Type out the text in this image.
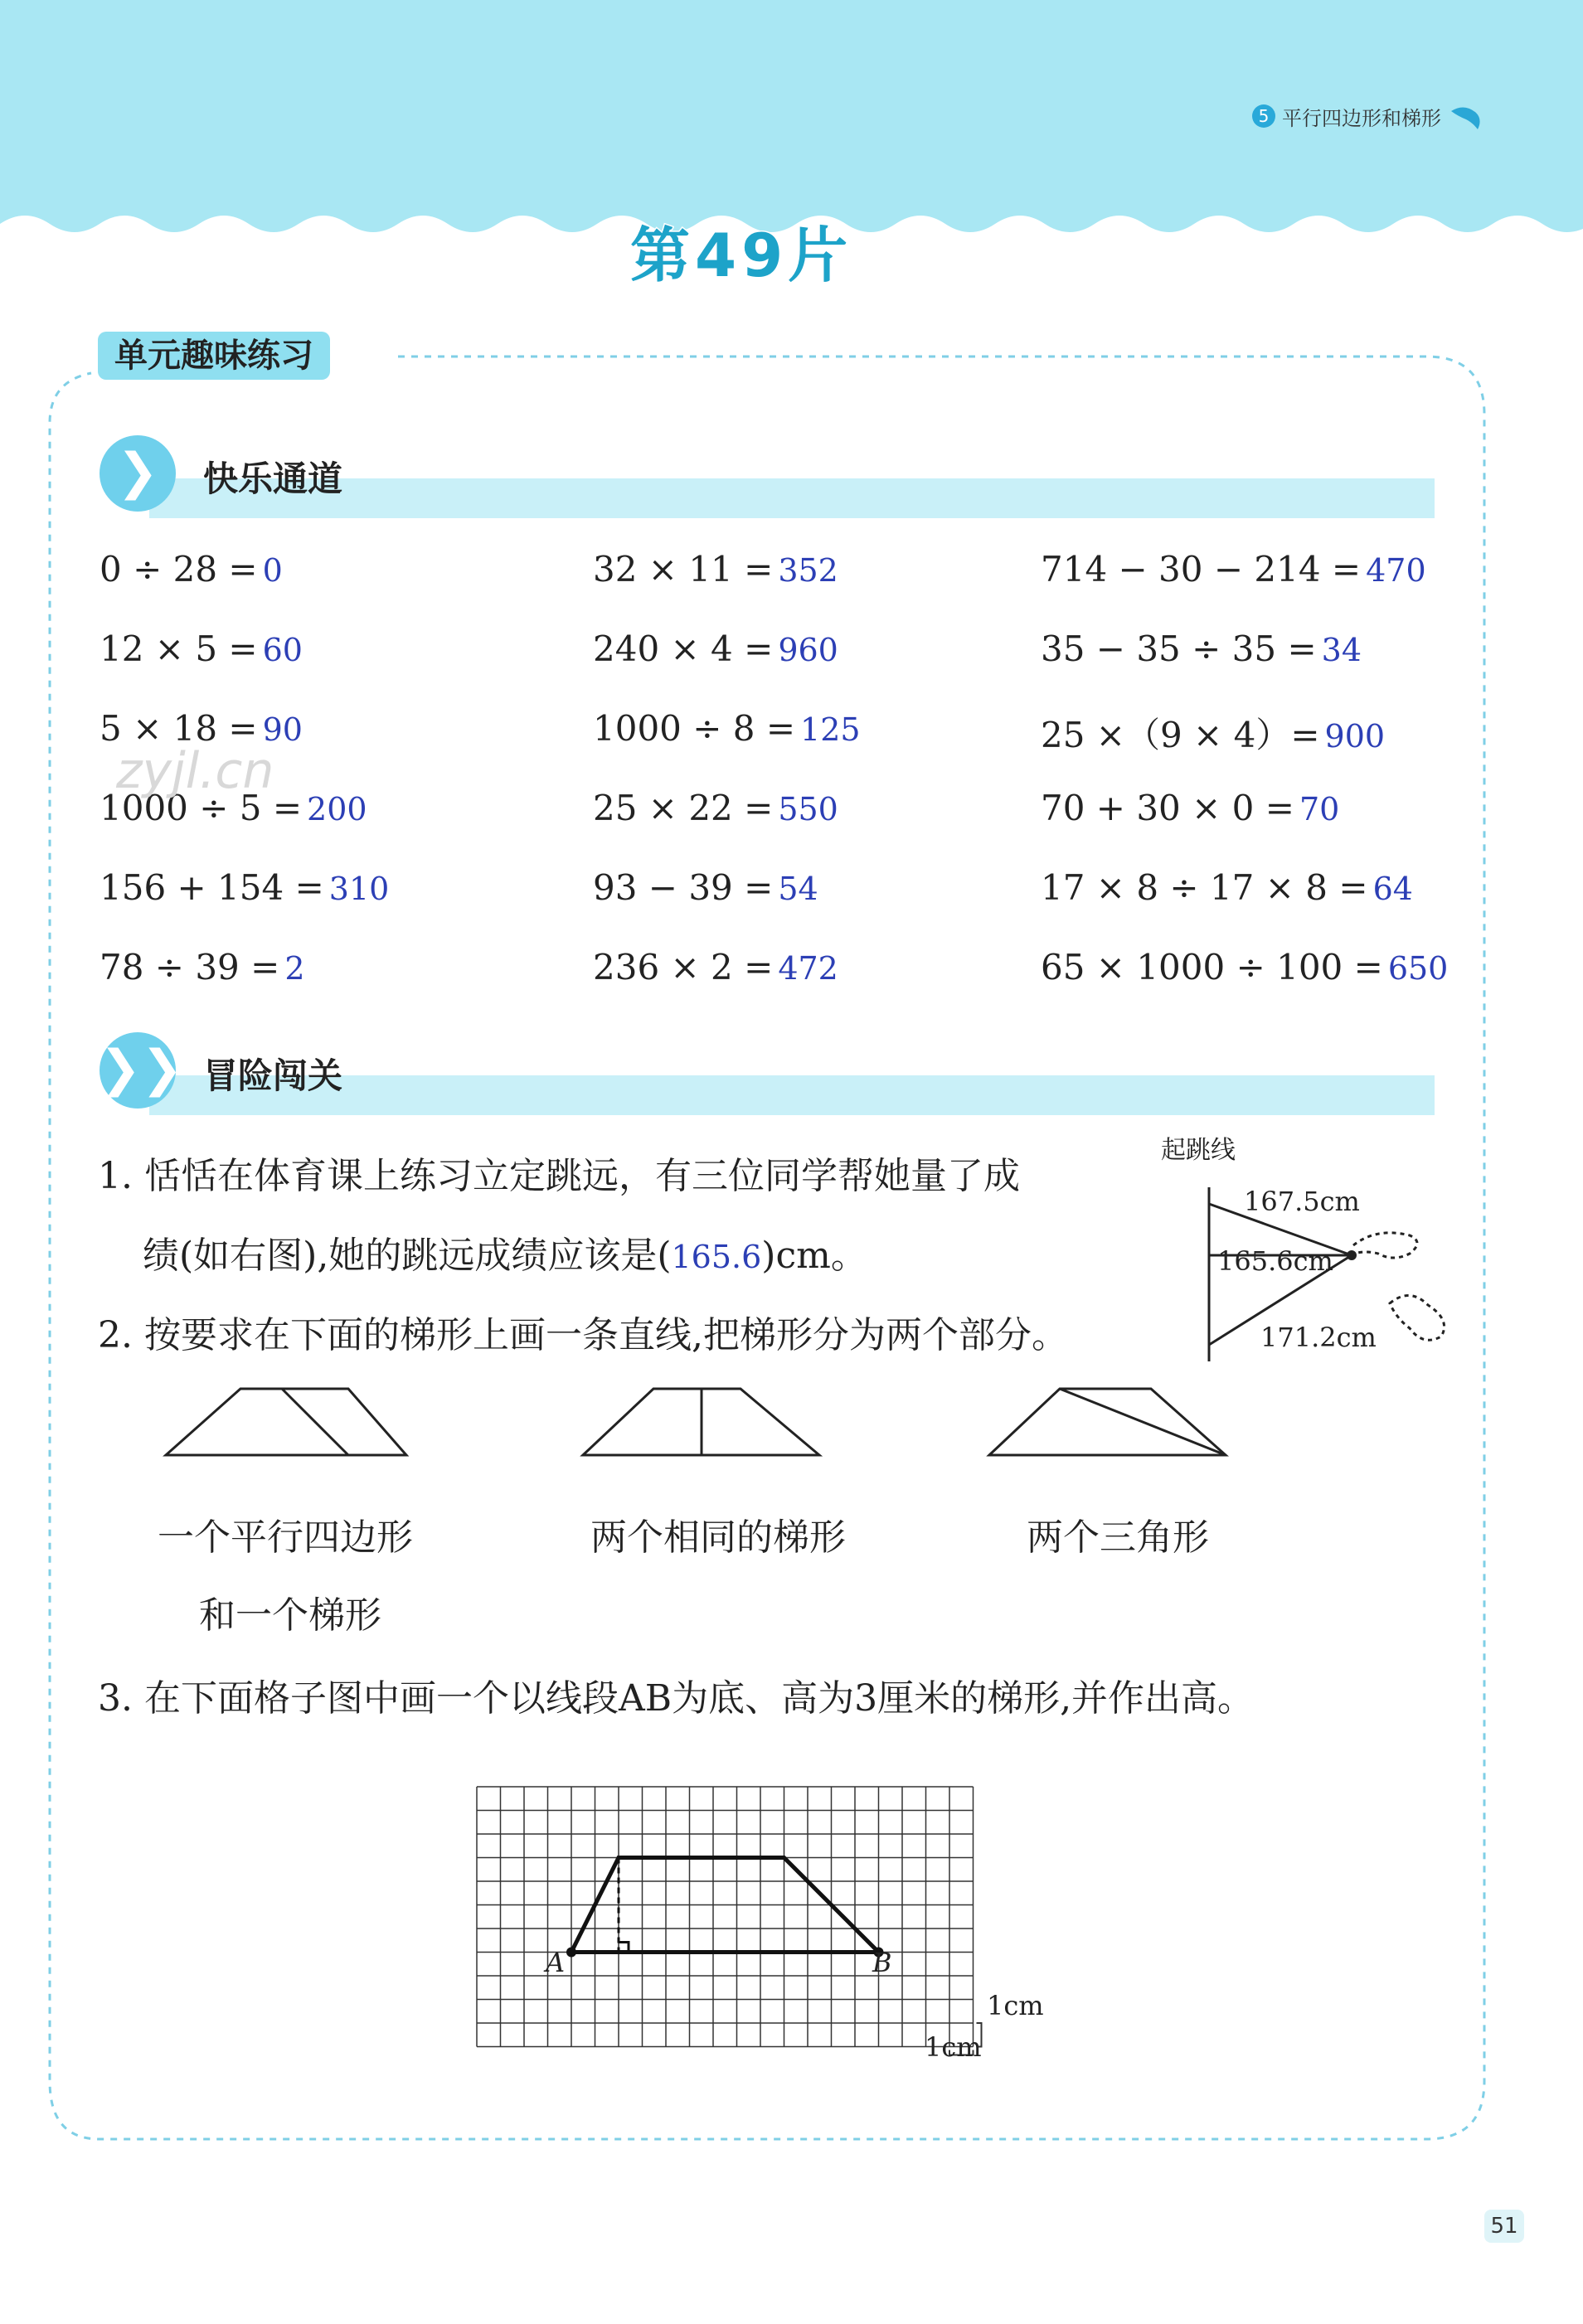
5 平行四边形和梯形
第49片
单元趣味练习
❯	快乐通道
0 ÷ 28 = 0	32 × 11 = 352	714 − 30 − 214 = 470
12 × 5 = 60	240 × 4 = 960	35 − 35 ÷ 35 = 34
5 × 18 = 90	1000 ÷ 8 = 125	25 ×（9 × 4）= 900
1000 ÷ 5 = 200	25 × 22 = 550	70 + 30 × 0 = 70
156 + 154 = 310	93 − 39 = 54	17 × 8 ÷ 17 × 8 = 64
78 ÷ 39 = 2	236 × 2 = 472	65 × 1000 ÷ 100 = 650
zyjl.cn
❯❯ 冒险闯关
1. 恬恬在体育课上练习立定跳远，有三位同学帮她量了成
绩(如右图),她的跳远成绩应该是(165.6)cm。
起跳线
167.5cm
165.6cm
171.2cm
2. 按要求在下面的梯形上画一条直线,把梯形分为两个部分。
一个平行四边形
和一个梯形
两个相同的梯形	两个三角形
3. 在下面格子图中画一个以线段AB为底、高为3厘米的梯形,并作出高。
A	B
1cm
1cm
51
